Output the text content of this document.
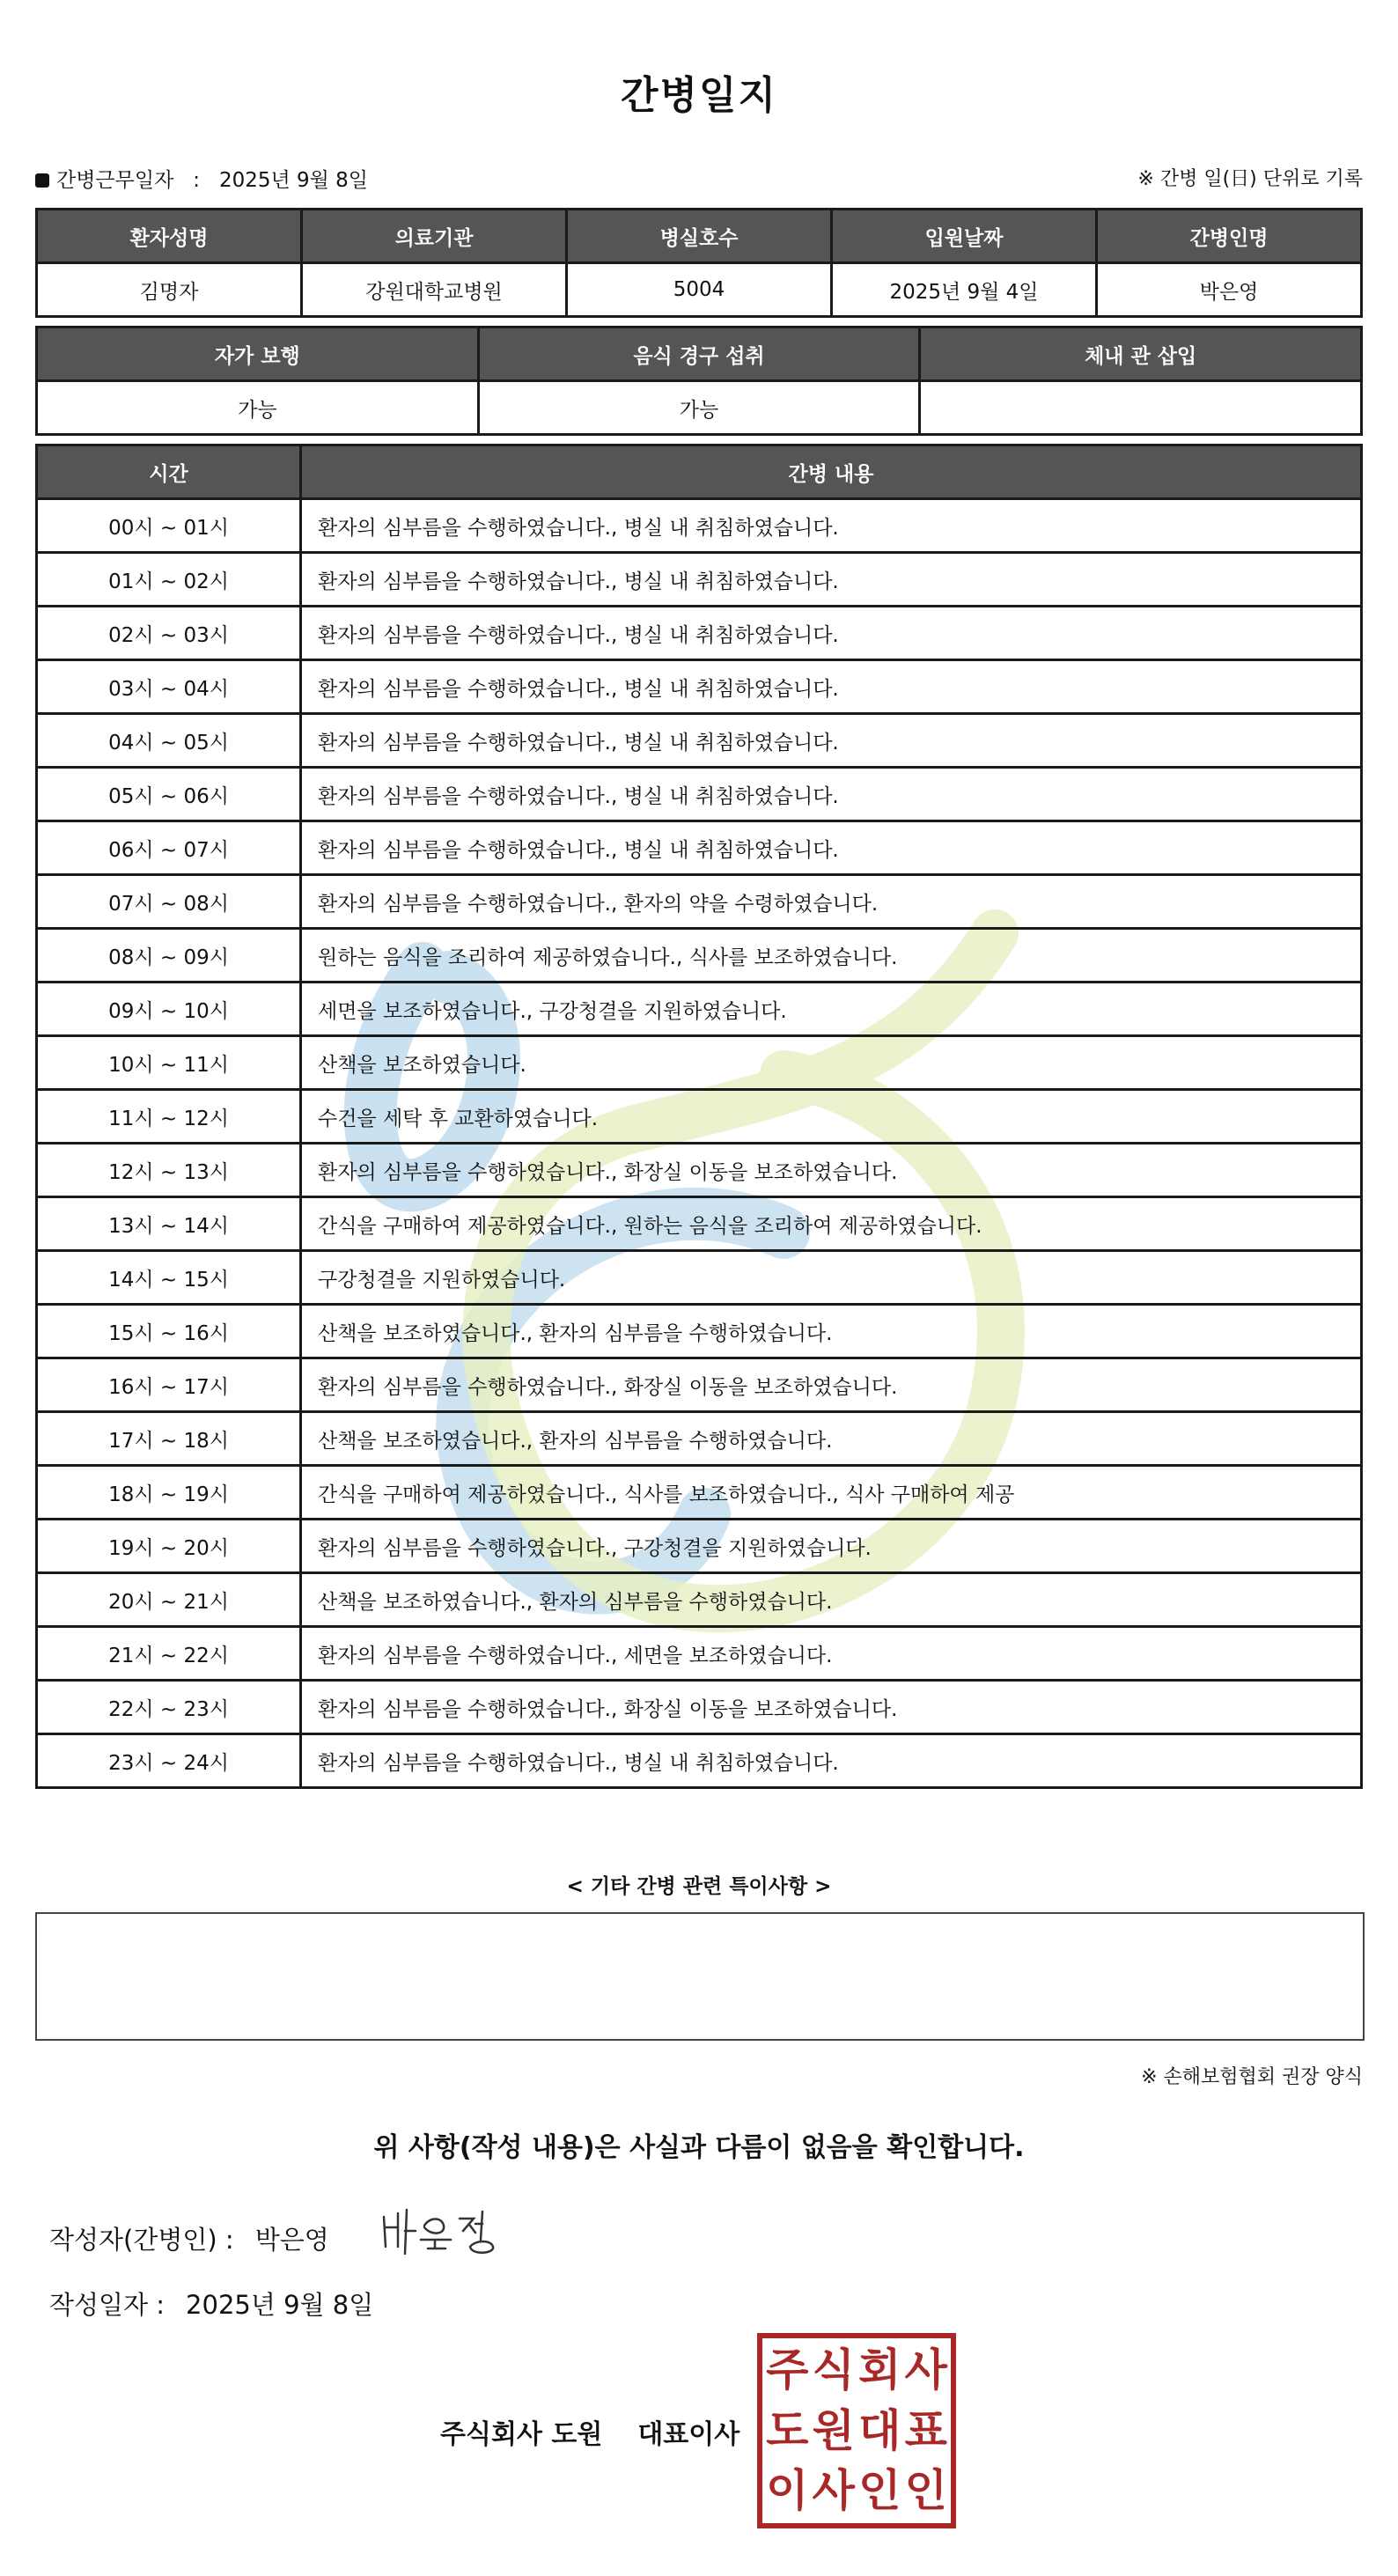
간병일지
간병근무일자 : 2025년 9월 8일	※ 간병 일(日) 단위로 기록
환자성명	의료기관	병실호수	입원날짜	간병인명
김명자	강원대학교병원	5004	2025년 9월 4일	박은영
자가 보행	음식 경구 섭취	체내 관 삽입
가능	가능	
시간	간병 내용
00시 ~ 01시	환자의 심부름을 수행하였습니다., 병실 내 취침하였습니다.
01시 ~ 02시	환자의 심부름을 수행하였습니다., 병실 내 취침하였습니다.
02시 ~ 03시	환자의 심부름을 수행하였습니다., 병실 내 취침하였습니다.
03시 ~ 04시	환자의 심부름을 수행하였습니다., 병실 내 취침하였습니다.
04시 ~ 05시	환자의 심부름을 수행하였습니다., 병실 내 취침하였습니다.
05시 ~ 06시	환자의 심부름을 수행하였습니다., 병실 내 취침하였습니다.
06시 ~ 07시	환자의 심부름을 수행하였습니다., 병실 내 취침하였습니다.
07시 ~ 08시	환자의 심부름을 수행하였습니다., 환자의 약을 수령하였습니다.
08시 ~ 09시	원하는 음식을 조리하여 제공하였습니다., 식사를 보조하였습니다.
09시 ~ 10시	세면을 보조하였습니다., 구강청결을 지원하였습니다.
10시 ~ 11시	산책을 보조하였습니다.
11시 ~ 12시	수건을 세탁 후 교환하였습니다.
12시 ~ 13시	환자의 심부름을 수행하였습니다., 화장실 이동을 보조하였습니다.
13시 ~ 14시	간식을 구매하여 제공하였습니다., 원하는 음식을 조리하여 제공하였습니다.
14시 ~ 15시	구강청결을 지원하였습니다.
15시 ~ 16시	산책을 보조하였습니다., 환자의 심부름을 수행하였습니다.
16시 ~ 17시	환자의 심부름을 수행하였습니다., 화장실 이동을 보조하였습니다.
17시 ~ 18시	산책을 보조하였습니다., 환자의 심부름을 수행하였습니다.
18시 ~ 19시	간식을 구매하여 제공하였습니다., 식사를 보조하였습니다., 식사 구매하여 제공
19시 ~ 20시	환자의 심부름을 수행하였습니다., 구강청결을 지원하였습니다.
20시 ~ 21시	산책을 보조하였습니다., 환자의 심부름을 수행하였습니다.
21시 ~ 22시	환자의 심부름을 수행하였습니다., 세면을 보조하였습니다.
22시 ~ 23시	환자의 심부름을 수행하였습니다., 화장실 이동을 보조하였습니다.
23시 ~ 24시	환자의 심부름을 수행하였습니다., 병실 내 취침하였습니다.
< 기타 간병 관련 특이사항 >
※ 손해보험협회 권장 양식
위 사항(작성 내용)은 사실과 다름이 없음을 확인합니다.
작성자(간병인) : 박은영
작성일자 : 2025년 9월 8일
주식회사 도원 대표이사
주 식 회 사
도 원 대 표
이 사 인 인
